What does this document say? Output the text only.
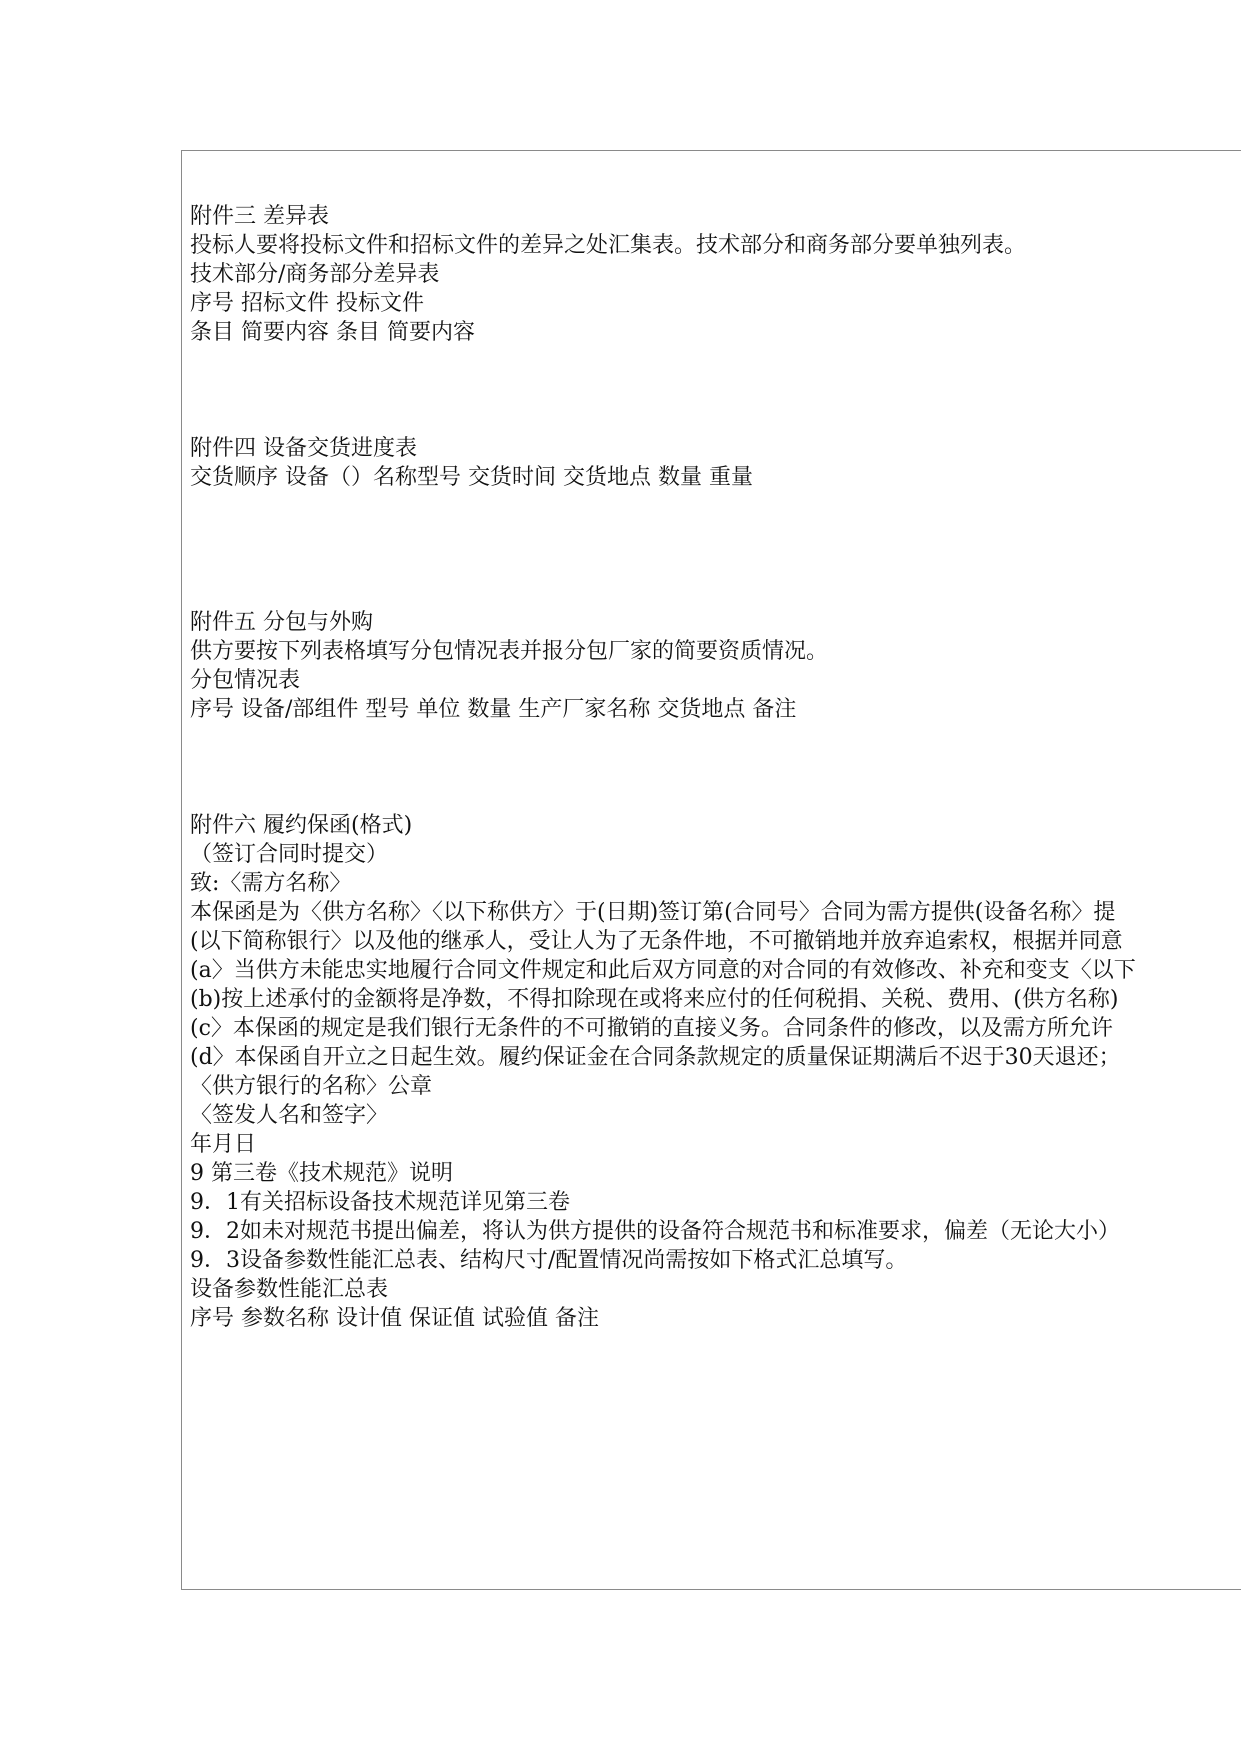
附件三 差异表
投标人要将投标文件和招标文件的差异之处汇集表。技术部分和商务部分要单独列表。
技术部分/商务部分差异表
序号 招标文件 投标文件
条目 简要内容 条目 简要内容
附件四 设备交货进度表
交货顺序 设备（）名称型号 交货时间 交货地点 数量 重量
附件五 分包与外购
供方要按下列表格填写分包情况表并报分包厂家的简要资质情况。
分包情况表
序号 设备/部组件 型号 单位 数量 生产厂家名称 交货地点 备注
附件六 履约保函(格式)
（签订合同时提交）
致:〈需方名称〉
本保函是为〈供方名称〉〈以下称供方〉于(日期)签订第(合同号〉合同为需方提供(设备名称〉提
(以下简称银行〉以及他的继承人，受让人为了无条件地，不可撤销地并放弃追索权，根据并同意
(a〉当供方未能忠实地履行合同文件规定和此后双方同意的对合同的有效修改、补充和变支〈以下
(b)按上述承付的金额将是净数，不得扣除现在或将来应付的任何税捐、关税、费用、(供方名称)
(c〉本保函的规定是我们银行无条件的不可撤销的直接义务。合同条件的修改，以及需方所允许
(d〉本保函自开立之日起生效。履约保证金在合同条款规定的质量保证期满后不迟于30天退还；
〈供方银行的名称〉公章
〈签发人名和签字〉
年月日
9 第三卷《技术规范》说明
9．1有关招标设备技术规范详见第三卷
9．2如未对规范书提出偏差，将认为供方提供的设备符合规范书和标准要求，偏差（无论大小）
9．3设备参数性能汇总表、结构尺寸/配置情况尚需按如下格式汇总填写。
设备参数性能汇总表
序号 参数名称 设计值 保证值 试验值 备注
